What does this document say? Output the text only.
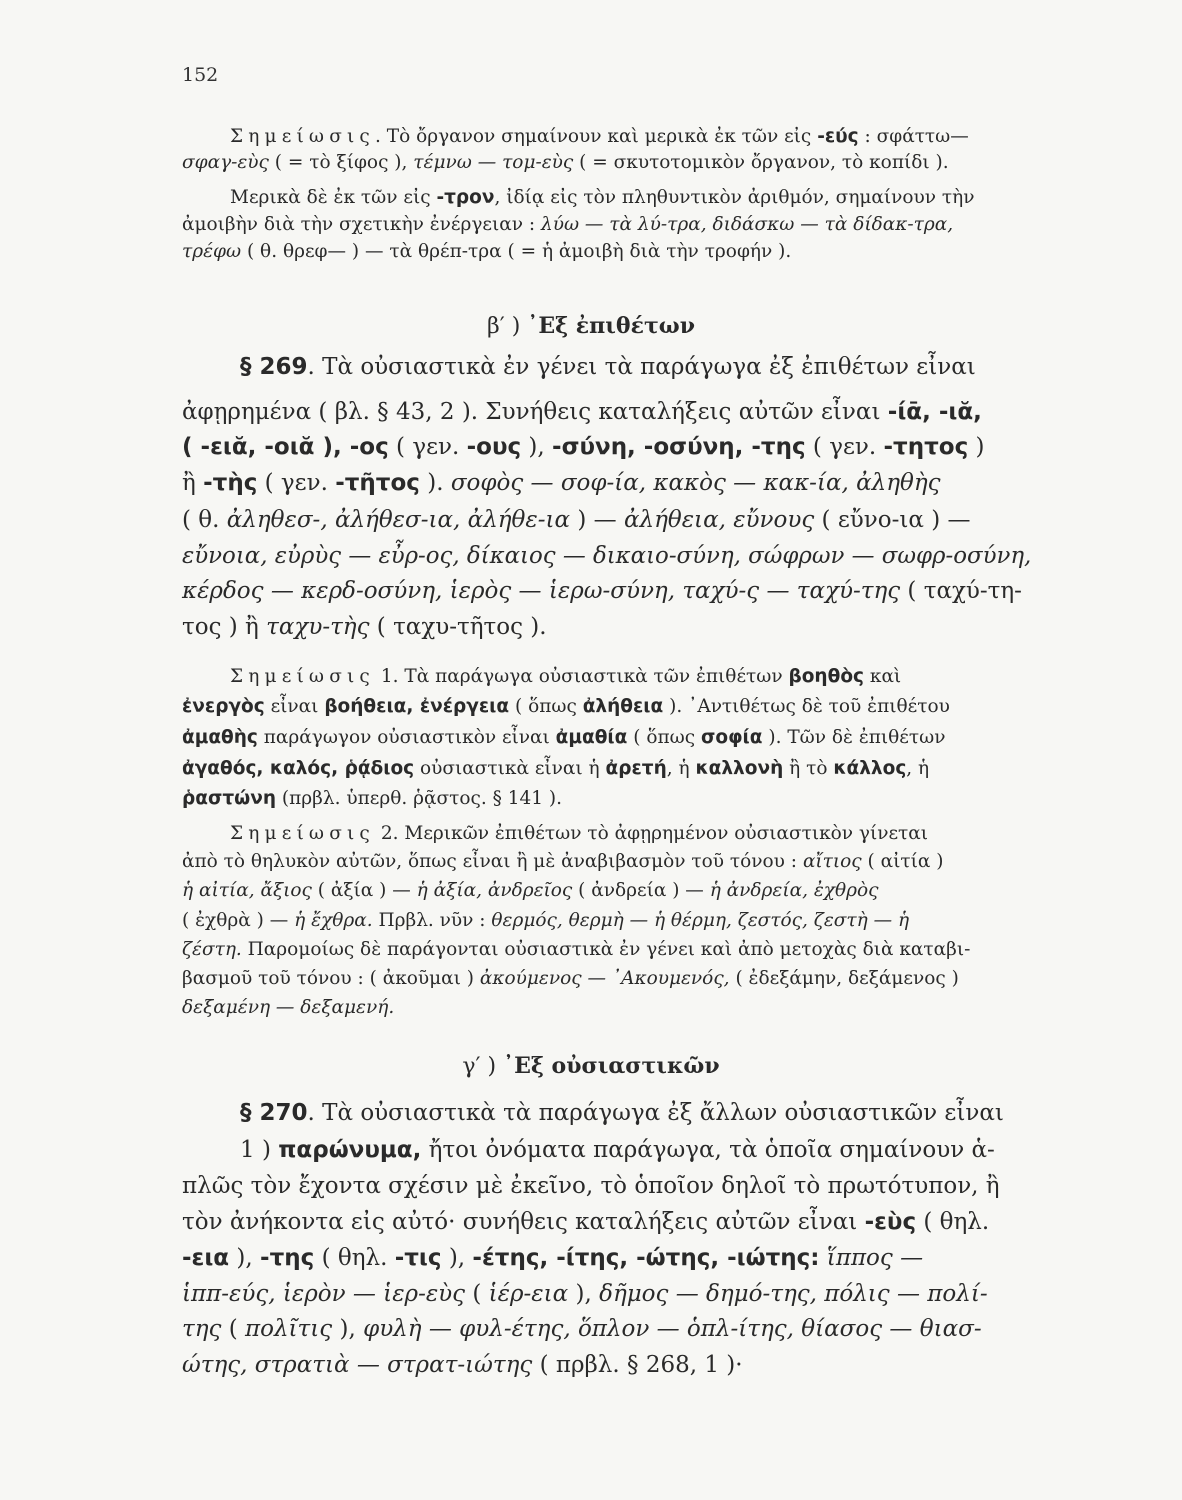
152
Σημείωσις. Τὸ ὄργανον σημαίνουν καὶ μερικὰ ἐκ τῶν εἰς -εύς : σφάττω—
σφαγ-εὺς ( = τὸ ξίφος ), τέμνω — τομ-εὺς ( = σκυτοτομικὸν ὄργανον, τὸ κοπίδι ).
Μερικὰ δὲ ἐκ τῶν εἰς -τρον, ἰδίᾳ εἰς τὸν πληθυντικὸν ἀριθμόν, σημαίνουν τὴν
ἀμοιβὴν διὰ τὴν σχετικὴν ἐνέργειαν : λύω — τὰ λύ-τρα, διδάσκω — τὰ δίδακ-τρα,
τρέφω ( θ. θρεφ— ) — τὰ θρέπ-τρα ( = ἡ ἀμοιβὴ διὰ τὴν τροφήν ).
β′ ) ᾿Εξ ἐπιθέτων
§ 269. Τὰ οὐσιαστικὰ ἐν γένει τὰ παράγωγα ἐξ ἐπιθέτων εἶναι
ἀφῃρημένα ( βλ. § 43, 2 ). Συνήθεις καταλήξεις αὐτῶν εἶναι -ίᾱ, -ιᾰ,
( -ειᾰ, -οιᾰ ), -ος ( γεν. -ους ), -σύνη, -οσύνη, -της ( γεν. -τητος )
ἢ -τὴς ( γεν. -τῆτος ). σοφὸς — σοφ-ία, κακὸς — κακ-ία, ἀληθὴς
( θ. ἀληθεσ-, ἀλήθεσ-ια, ἀλήθε-ια ) — ἀλήθεια, εὔνους ( εὔνο-ια ) —
εὔνοια, εὐρὺς — εὖρ-ος, δίκαιος — δικαιο-σύνη, σώφρων — σωφρ-οσύνη,
κέρδος — κερδ-οσύνη, ἱερὸς — ἱερω-σύνη, ταχύ-ς — ταχύ-της ( ταχύ-τη-
τος ) ἢ ταχυ-τὴς ( ταχυ-τῆτος ).
Σημείωσις 1. Τὰ παράγωγα οὐσιαστικὰ τῶν ἐπιθέτων βοηθὸς καὶ
ἐνεργὸς εἶναι βοήθεια, ἐνέργεια ( ὅπως ἀλήθεια ). ᾿Αντιθέτως δὲ τοῦ ἐπιθέτου
ἀμαθὴς παράγωγον οὐσιαστικὸν εἶναι ἀμαθία ( ὅπως σοφία ). Τῶν δὲ ἐπιθέτων
ἀγαθός, καλός, ῥᾴδιος οὐσιαστικὰ εἶναι ἡ ἀρετή, ἡ καλλονὴ ἢ τὸ κάλλος, ἡ
ῥαστώνη (πρβλ. ὑπερθ. ῥᾷστος. § 141 ).
Σημείωσις 2. Μερικῶν ἐπιθέτων τὸ ἀφῃρημένον οὐσιαστικὸν γίνεται
ἀπὸ τὸ θηλυκὸν αὐτῶν, ὅπως εἶναι ἢ μὲ ἀναβιβασμὸν τοῦ τόνου : αἴτιος ( αἰτία )
ἡ αἰτία, ἄξιος ( ἀξία ) — ἡ ἀξία, ἀνδρεῖος ( ἀνδρεία ) — ἡ ἀνδρεία, ἐχθρὸς
( ἐχθρὰ ) — ἡ ἔχθρα. Πρβλ. νῦν : θερμός, θερμὴ — ἡ θέρμη, ζεστός, ζεστὴ — ἡ
ζέστη. Παρομοίως δὲ παράγονται οὐσιαστικὰ ἐν γένει καὶ ἀπὸ μετοχὰς διὰ καταβι-
βασμοῦ τοῦ τόνου : ( ἀκοῦμαι ) ἀκούμενος — ᾿Ακουμενός, ( ἐδεξάμην, δεξάμενος )
δεξαμένη — δεξαμενή.
γ′ ) ᾿Εξ οὐσιαστικῶν
§ 270. Τὰ οὐσιαστικὰ τὰ παράγωγα ἐξ ἄλλων οὐσιαστικῶν εἶναι
1 ) παρώνυμα, ἤτοι ὀνόματα παράγωγα, τὰ ὁποῖα σημαίνουν ἁ-
πλῶς τὸν ἔχοντα σχέσιν μὲ ἐκεῖνο, τὸ ὁποῖον δηλοῖ τὸ πρωτότυπον, ἢ
τὸν ἀνήκοντα εἰς αὐτό· συνήθεις καταλήξεις αὐτῶν εἶναι -εὺς ( θηλ.
-εια ), -της ( θηλ. -τις ), -έτης, -ίτης, -ώτης, -ιώτης: ἵππος —
ἱππ-εύς, ἱερὸν — ἱερ-εὺς ( ἱέρ-εια ), δῆμος — δημό-της, πόλις — πολί-
της ( πολῖτις ), φυλὴ — φυλ-έτης, ὅπλον — ὁπλ-ίτης, θίασος — θιασ-
ώτης, στρατιὰ — στρατ-ιώτης ( πρβλ. § 268, 1 )·
